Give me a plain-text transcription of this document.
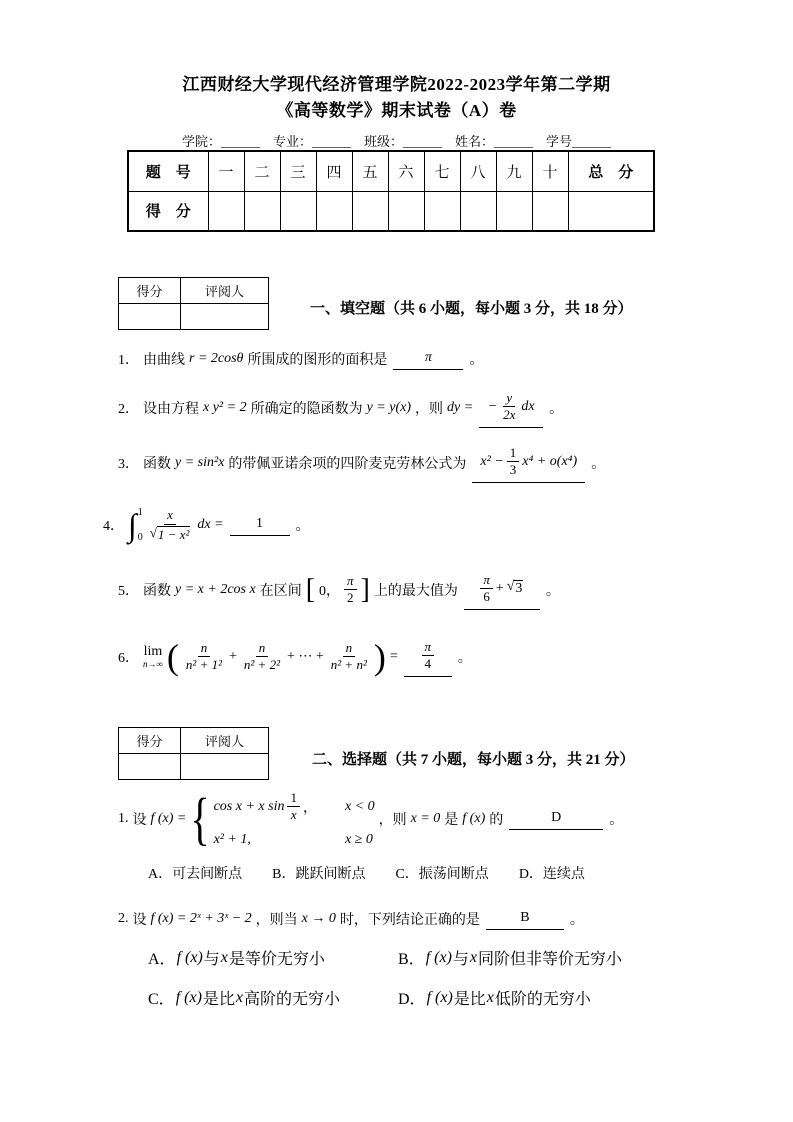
江西财经大学现代经济管理学院2022-2023学年第二学期
《高等数学》期末试卷（A）卷
学院：______　专业：______　班级：______　姓名：______　学号______
题　号	一	二	三	四	五	六	七	八	九	十	总　分
得　分											
得分	评阅人

一、填空题（共 6 小题，每小题 3 分，共 18 分）
1． 由曲线 r = 2cosθ 所围成的图形的面积是	π	。
2． 设由方程 x y² = 2 所确定的隐函数为 y = y(x) ，则 dy = − $\frac{y}{2x}$ dx 。
3． 函数 y = sin²x 的带佩亚诺余项的四阶麦克劳林公式为 $x^2 - \frac{1}{3} x^4 + o(x^4)$ 。
4． ∫ 1
$0 \frac{x}{\text{√ 1 − x²}}$ dx = 1 。
5． 函数 y = x + 2cos x 在区间 [ 0， $\frac{\pi}{2}$ ] 上的最大值为 $\frac{\pi}{6}$ + √ 3 。
6． lim
n→∞ ( $\frac{n}{\text{n² + 1²}} + \frac{n}{\text{n² + 2²}}$ + ⋯ + $\frac{n}{\text{n² + n²}}$ ) = $\frac{\pi}{4}$ 。
得分	评阅人

二、选择题（共 7 小题，每小题 3 分，共 21 分）
1. 设 f (x) = { cos x + x $\sin \frac{1}{x}$ ， x < 0
x² + 1,	x ≥ 0
，则 x = 0 是 f (x) 的	D	。
A．可去间断点 B．跳跃间断点 C．振荡间断点 D．连续点
2. 设 f (x) = 2ˣ + 3ˣ − 2 ，则当 x → 0 时，下列结论正确的是	B	。
A． f (x) 与 x 是等价无穷小	B． f (x) 与 x 同阶但非等价无穷小
C． f (x) 是比 x 高阶的无穷小	D． f (x) 是比 x 低阶的无穷小
